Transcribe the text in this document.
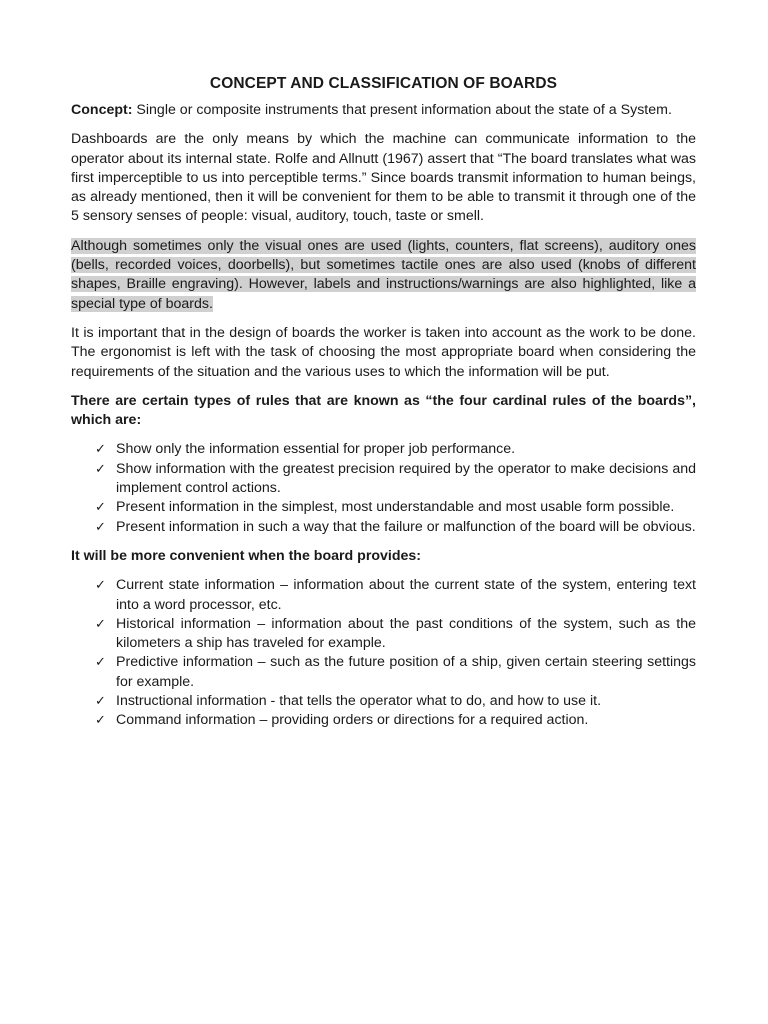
CONCEPT AND CLASSIFICATION OF BOARDS

Concept: Single or composite instruments that present information about the state of a System.

Dashboards are the only means by which the machine can communicate information to the operator about its internal state. Rolfe and Allnutt (1967) assert that “The board translates what was first imperceptible to us into perceptible terms.” Since boards transmit information to human beings, as already mentioned, then it will be convenient for them to be able to transmit it through one of the 5 sensory senses of people: visual, auditory, touch, taste or smell.

Although sometimes only the visual ones are used (lights, counters, flat screens), auditory ones (bells, recorded voices, doorbells), but sometimes tactile ones are also used (knobs of different shapes, Braille engraving). However, labels and instructions/warnings are also highlighted, like a special type of boards.

It is important that in the design of boards the worker is taken into account as the work to be done. The ergonomist is left with the task of choosing the most appropriate board when considering the requirements of the situation and the various uses to which the information will be put.

There are certain types of rules that are known as “the four cardinal rules of the boards”, which are:

✓ Show only the information essential for proper job performance.
✓ Show information with the greatest precision required by the operator to make decisions and implement control actions.
✓ Present information in the simplest, most understandable and most usable form possible.
✓ Present information in such a way that the failure or malfunction of the board will be obvious.

It will be more convenient when the board provides:

✓ Current state information – information about the current state of the system, entering text into a word processor, etc.
✓ Historical information – information about the past conditions of the system, such as the kilometers a ship has traveled for example.
✓ Predictive information – such as the future position of a ship, given certain steering settings for example.
✓ Instructional information - that tells the operator what to do, and how to use it.
✓ Command information – providing orders or directions for a required action.
